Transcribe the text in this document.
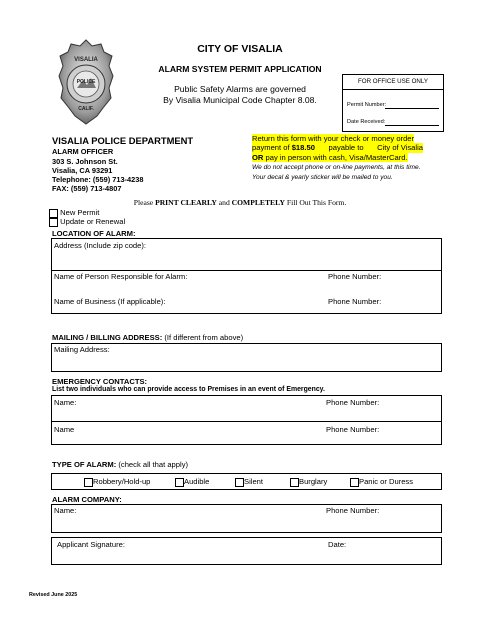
CITY OF VISALIA
ALARM SYSTEM PERMIT APPLICATION
Public Safety Alarms are governed
By Visalia Municipal Code Chapter 8.08.
VISALIA
POLICE
CALIF.
FOR OFFICE USE ONLY
Permit Number:
Date Received:
VISALIA POLICE DEPARTMENT
ALARM OFFICER
303 S. Johnson St.
Visalia, CA 93291
Telephone: (559) 713-4238
FAX: (559) 713-4807
Return this form with your check or money order
payment of $18.50 payable to City of Visalia
OR pay in person with cash, Visa/MasterCard.
We do not accept phone or on-line payments, at this time.
Your decal & yearly sticker will be mailed to you.
Please PRINT CLEARLY and COMPLETELY Fill Out This Form.
New Permit
Update or Renewal
LOCATION OF ALARM:
Address (Include zip code):
Name of Person Responsible for Alarm:	Phone Number:
Name of Business (If applicable):	Phone Number:
MAILING / BILLING ADDRESS: (If different from above)
Mailing Address:
EMERGENCY CONTACTS:
List two individuals who can provide access to Premises in an event of Emergency.
Name:	Phone Number:
Name	Phone Number:
TYPE OF ALARM: (check all that apply)
Robbery/Hold-up	Audible	Silent	Burglary	Panic or Duress
ALARM COMPANY:
Name:	Phone Number:
Applicant Signature:	Date:
Revised June 2025
